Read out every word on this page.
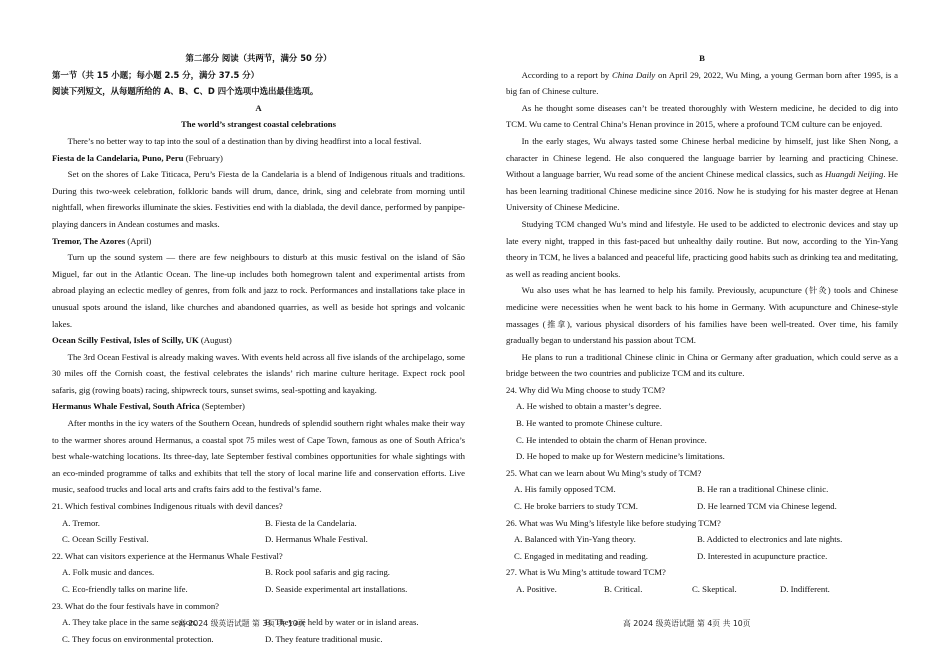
第二部分 阅读（共两节，满分 50 分）

第一节（共 15 小题；每小题 2.5 分，满分 37.5 分）

阅读下列短文，从每题所给的 A、B、C、D 四个选项中选出最佳选项。

A

The world’s strangest coastal celebrations

There’s no better way to tap into the soul of a destination than by diving headfirst into a local festival.

Fiesta de la Candelaria, Puno, Peru (February)

Set on the shores of Lake Titicaca, Peru’s Fiesta de la Candelaria is a blend of Indigenous rituals and traditions. During this two-week celebration, folkloric bands will drum, dance, drink, sing and celebrate from morning until nightfall, when fireworks illuminate the skies. Festivities end with la diablada, the devil dance, performed by panpipe-playing dancers in Andean costumes and masks.

Tremor, The Azores (April)

Turn up the sound system — there are few neighbours to disturb at this music festival on the island of São Miguel, far out in the Atlantic Ocean. The line-up includes both homegrown talent and experimental artists from abroad playing an eclectic medley of genres, from folk and jazz to rock. Performances and installations take place in unusual spots around the island, like churches and abandoned quarries, as well as beside hot springs and volcanic lakes.

Ocean Scilly Festival, Isles of Scilly, UK (August)

The 3rd Ocean Festival is already making waves. With events held across all five islands of the archipelago, some 30 miles off the Cornish coast, the festival celebrates the islands’ rich marine culture heritage. Expect rock pool safaris, gig (rowing boats) racing, shipwreck tours, sunset swims, seal-spotting and kayaking.

Hermanus Whale Festival, South Africa (September)

After months in the icy waters of the Southern Ocean, hundreds of splendid southern right whales make their way to the warmer shores around Hermanus, a coastal spot 75 miles west of Cape Town, famous as one of South Africa’s best whale-watching locations. Its three-day, late September festival combines opportunities for whale sightings with an eco-minded programme of talks and exhibits that tell the story of local marine life and conservation efforts. Live music, seafood trucks and local arts and crafts fairs add to the festival’s fame.

21. Which festival combines Indigenous rituals with devil dances?

A. Tremor.	B. Fiesta de la Candelaria.

C. Ocean Scilly Festival.	D. Hermanus Whale Festival.

22. What can visitors experience at the Hermanus Whale Festival?

A. Folk music and dances.	B. Rock pool safaris and gig racing.

C. Eco-friendly talks on marine life.	D. Seaside experimental art installations.

23. What do the four festivals have in common?

A. They take place in the same season.	B. They are held by water or in island areas.

C. They focus on environmental protection.	D. They feature traditional music.

B

According to a report by China Daily on April 29, 2022, Wu Ming, a young German born after 1995, is a big fan of Chinese culture.

As he thought some diseases can’t be treated thoroughly with Western medicine, he decided to dig into TCM. Wu came to Central China’s Henan province in 2015, where a profound TCM culture can be enjoyed.

In the early stages, Wu always tasted some Chinese herbal medicine by himself, just like Shen Nong, a character in Chinese legend. He also conquered the language barrier by learning and practicing Chinese. Without a language barrier, Wu read some of the ancient Chinese medical classics, such as Huangdi Neijing. He has been learning traditional Chinese medicine since 2016. Now he is studying for his master degree at Henan University of Chinese Medicine.

Studying TCM changed Wu’s mind and lifestyle. He used to be addicted to electronic devices and stay up late every night, trapped in this fast-paced but unhealthy daily routine. But now, according to the Yin-Yang theory in TCM, he lives a balanced and peaceful life, practicing good habits such as drinking tea and meditating, as well as reading ancient books.

Wu also uses what he has learned to help his family. Previously, acupuncture (针灸) tools and Chinese medicine were necessities when he went back to his home in Germany. With acupuncture and Chinese-style massages (推拿), various physical disorders of his families have been well-treated. Over time, his family gradually began to understand his passion about TCM.

He plans to run a traditional Chinese clinic in China or Germany after graduation, which could serve as a bridge between the two countries and publicize TCM and its culture.

24. Why did Wu Ming choose to study TCM?

A. He wished to obtain a master’s degree.

B. He wanted to promote Chinese culture.

C. He intended to obtain the charm of Henan province.

D. He hoped to make up for Western medicine’s limitations.

25. What can we learn about Wu Ming’s study of TCM?

A. His family opposed TCM.	B. He ran a traditional Chinese clinic.

C. He broke barriers to study TCM.	D. He learned TCM via Chinese legend.

26. What was Wu Ming’s lifestyle like before studying TCM?

A. Balanced with Yin-Yang theory.	B. Addicted to electronics and late nights.

C. Engaged in meditating and reading.	D. Interested in acupuncture practice.

27. What is Wu Ming’s attitude toward TCM?

A. Positive.	B. Critical.	C. Skeptical.	D. Indifferent.

高 2024 级英语试题 第 3页 共 10页	高 2024 级英语试题 第 4页 共 10页
